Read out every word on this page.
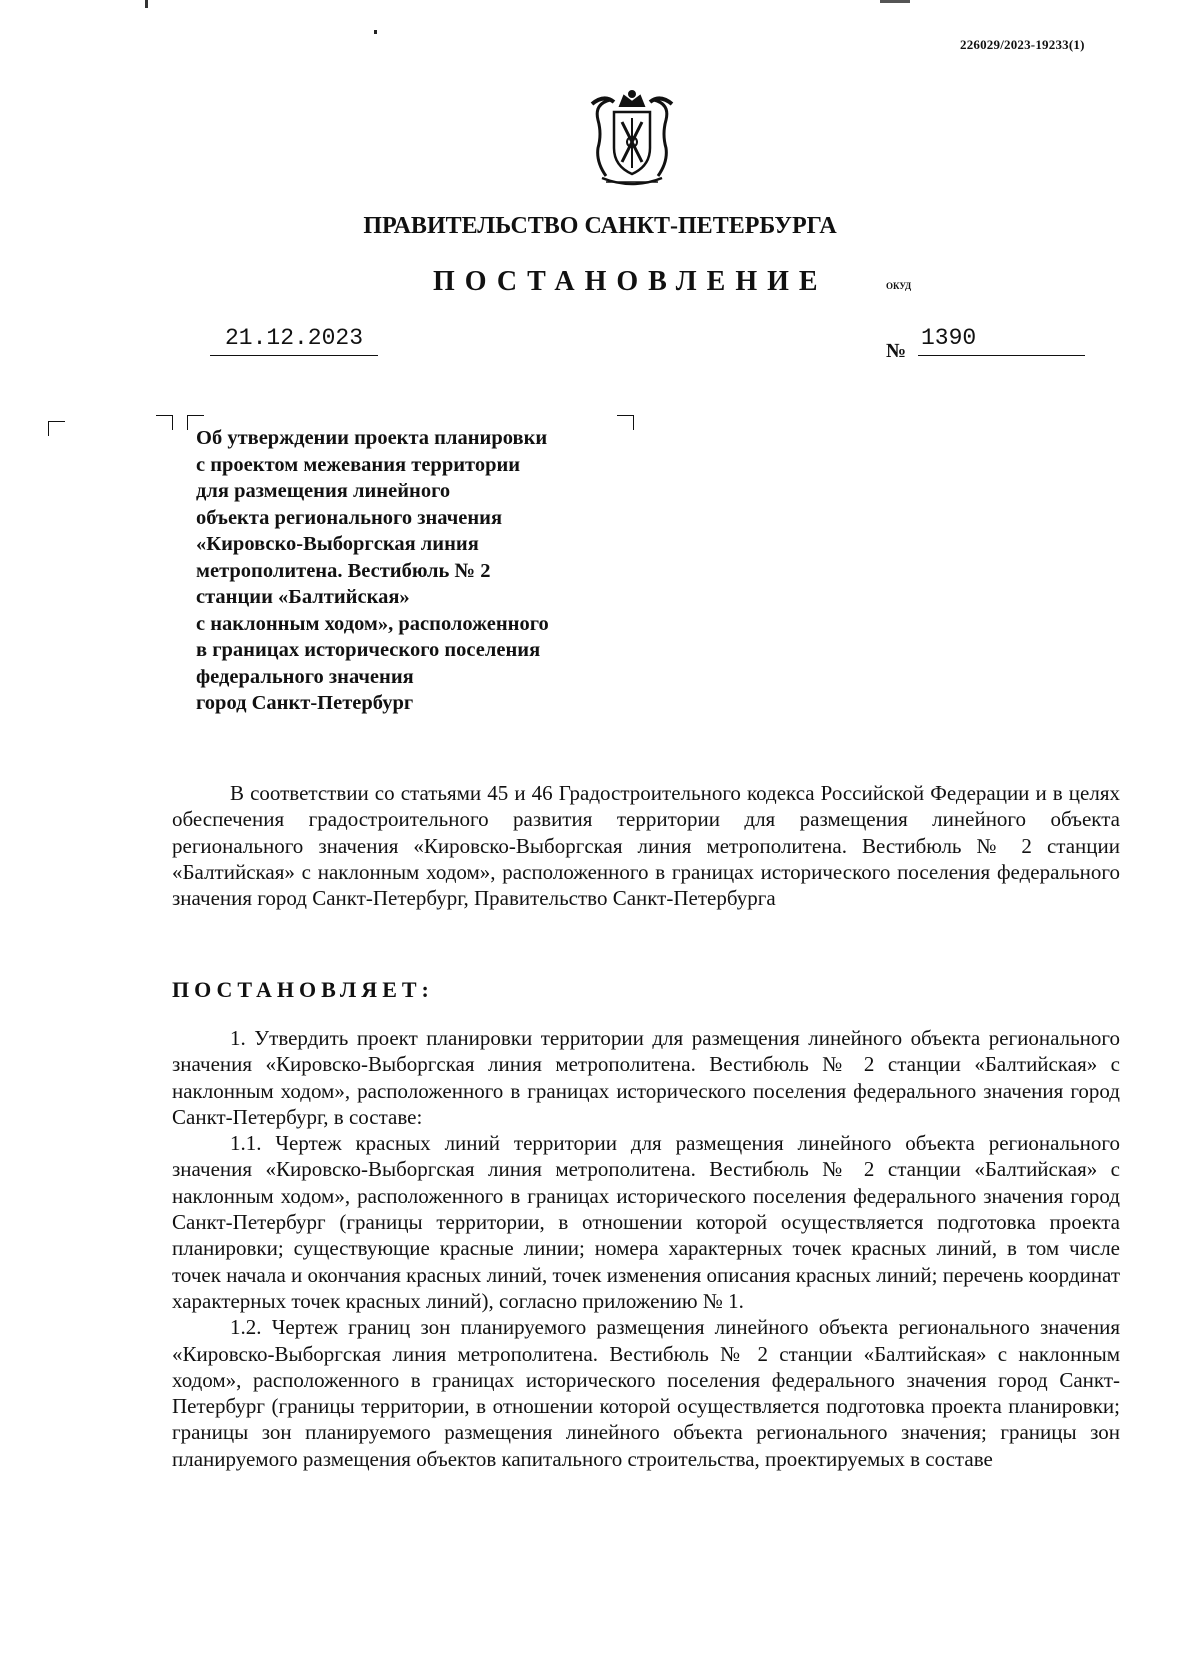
226029/2023-19233(1)
ПРАВИТЕЛЬСТВО САНКТ-ПЕТЕРБУРГА
ПОСТАНОВЛЕНИЕ	ОКУД
21.12.2023	№ 1390
Об утверждении проекта планировки
с проектом межевания территории
для размещения линейного
объекта регионального значения
«Кировско-Выборгская линия
метрополитена. Вестибюль № 2
станции «Балтийская»
с наклонным ходом», расположенного
в границах исторического поселения
федерального значения
город Санкт-Петербург

В соответствии со статьями 45 и 46 Градостроительного кодекса Российской Федерации и в целях обеспечения градостроительного развития территории для размещения линейного объекта регионального значения «Кировско-Выборгская линия метрополитена. Вестибюль № 2 станции «Балтийская» с наклонным ходом», расположенного в границах исторического поселения федерального значения город Санкт-Петербург, Правительство Санкт-Петербурга

ПОСТАНОВЛЯЕТ:

1. Утвердить проект планировки территории для размещения линейного объекта регионального значения «Кировско-Выборгская линия метрополитена. Вестибюль № 2 станции «Балтийская» с наклонным ходом», расположенного в границах исторического поселения федерального значения город Санкт-Петербург, в составе:

1.1. Чертеж красных линий территории для размещения линейного объекта регионального значения «Кировско-Выборгская линия метрополитена. Вестибюль № 2 станции «Балтийская» с наклонным ходом», расположенного в границах исторического поселения федерального значения город Санкт-Петербург (границы территории, в отношении которой осуществляется подготовка проекта планировки; существующие красные линии; номера характерных точек красных линий, в том числе точек начала и окончания красных линий, точек изменения описания красных линий; перечень координат характерных точек красных линий), согласно приложению № 1.

1.2. Чертеж границ зон планируемого размещения линейного объекта регионального значения «Кировско-Выборгская линия метрополитена. Вестибюль № 2 станции «Балтийская» с наклонным ходом», расположенного в границах исторического поселения федерального значения город Санкт-Петербург (границы территории, в отношении которой осуществляется подготовка проекта планировки; границы зон планируемого размещения линейного объекта регионального значения; границы зон планируемого размещения объектов капитального строительства, проектируемых в составе
